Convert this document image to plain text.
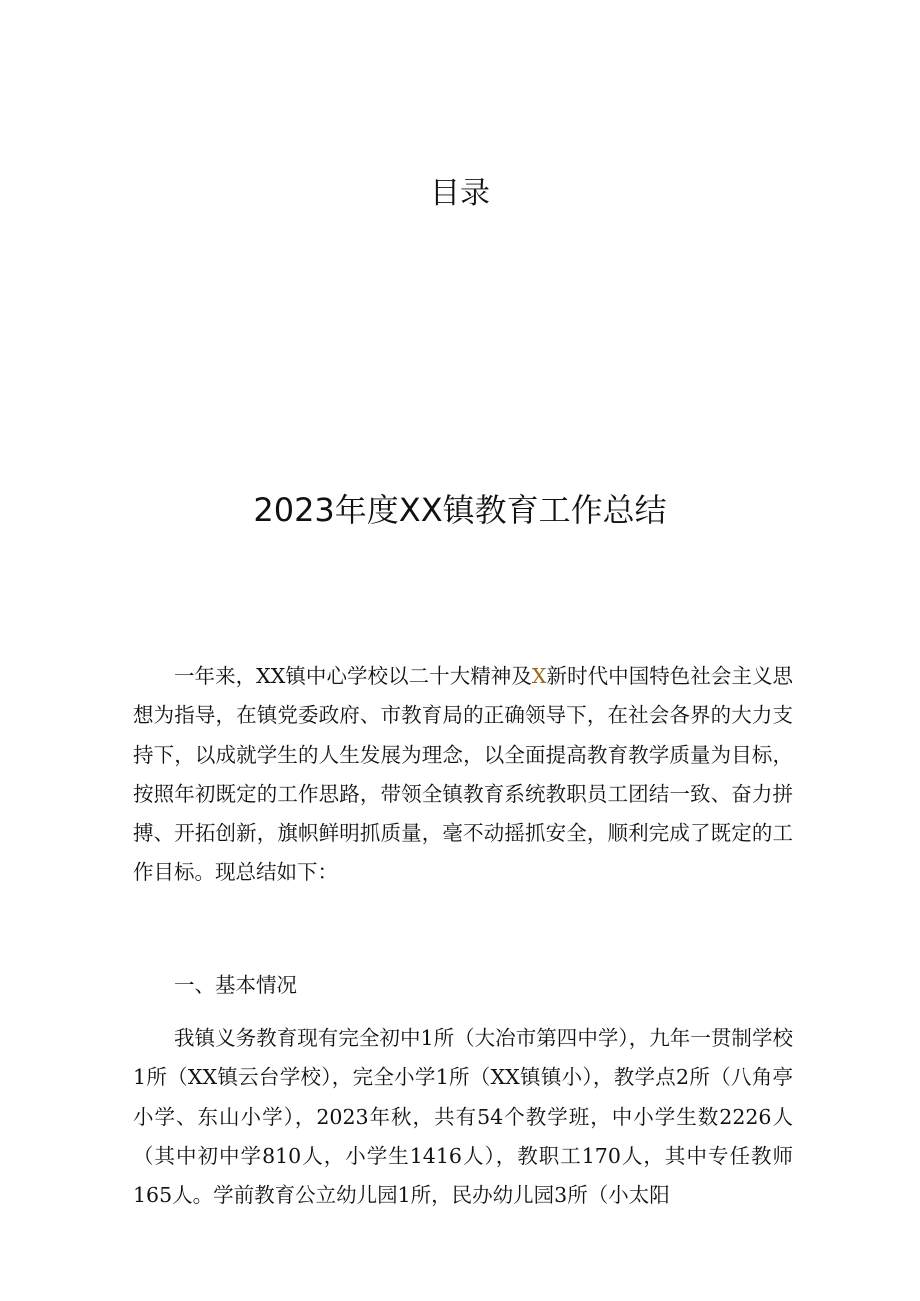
目录
2023年度XX镇教育工作总结

一年来，XX镇中心学校以二十大精神及X新时代中国特色社会主义思想为指导，在镇党委政府、市教育局的正确领导下，在社会各界的大力支持下，以成就学生的人生发展为理念，以全面提高教育教学质量为目标，按照年初既定的工作思路，带领全镇教育系统教职员工团结一致、奋力拼搏、开拓创新，旗帜鲜明抓质量，毫不动摇抓安全，顺利完成了既定的工作目标。现总结如下：

一、基本情况

我镇义务教育现有完全初中1所（大冶市第四中学），九年一贯制学校1所（XX镇云台学校），完全小学1所（XX镇镇小），教学点2所（八角亭小学、东山小学），2023年秋，共有54个教学班，中小学生数2226人（其中初中学810人，小学生1416人），教职工170人，其中专任教师165人。学前教育公立幼儿园1所，民办幼儿园3所（小太阳
